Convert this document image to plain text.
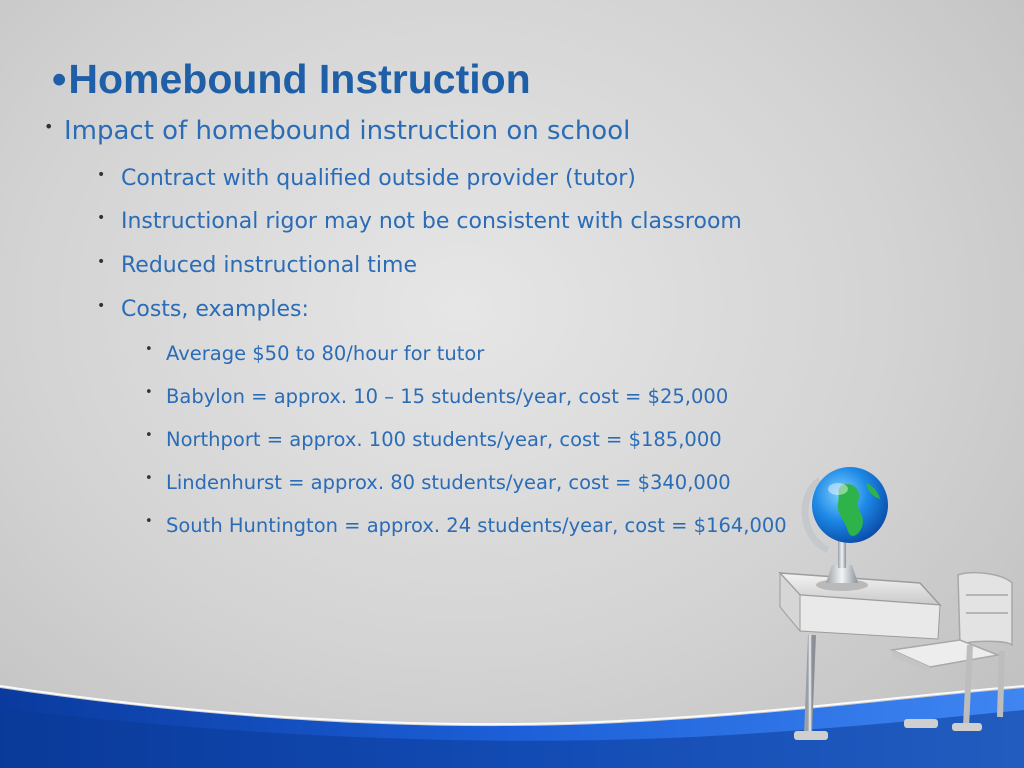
•Homebound Instruction
• Impact of homebound instruction on school
• Contract with qualified outside provider (tutor)
• Instructional rigor may not be consistent with classroom
• Reduced instructional time
• Costs, examples:
• Average $50 to 80/hour for tutor
• Babylon = approx. 10 – 15 students/year, cost = $25,000
• Northport = approx. 100 students/year, cost = $185,000
• Lindenhurst = approx. 80 students/year, cost = $340,000
• South Huntington = approx. 24 students/year, cost = $164,000
